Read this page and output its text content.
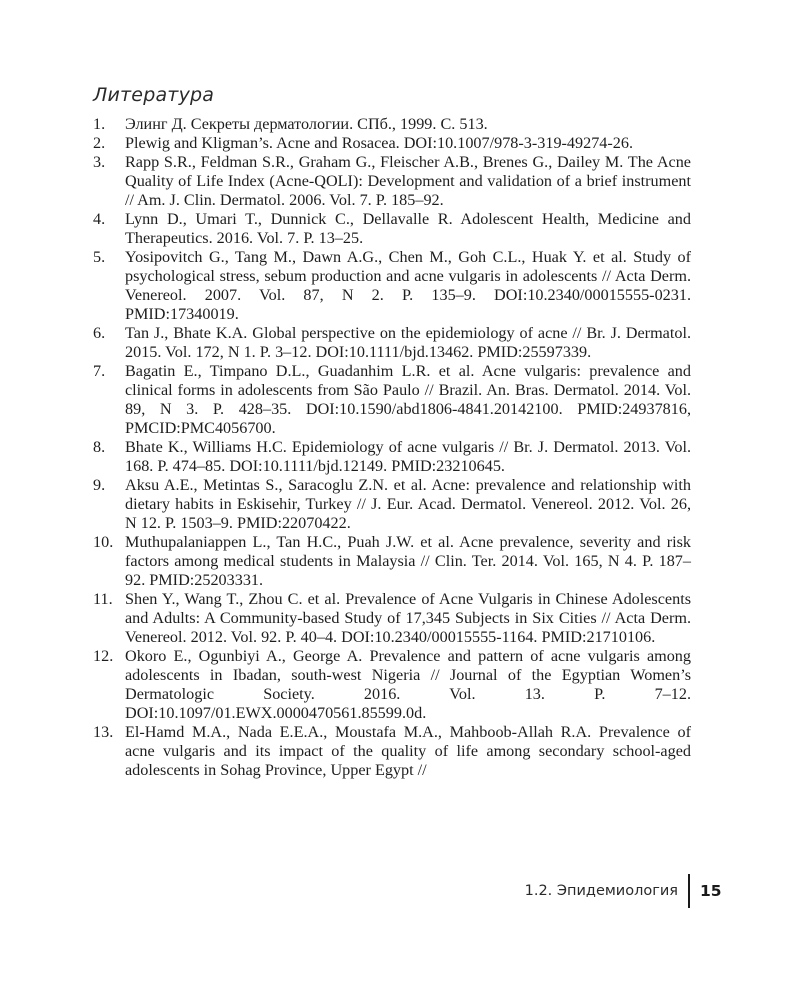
Литература
1.	Элинг Д. Секреты дерматологии. СПб., 1999. С. 513.
2.	Plewig and Kligman’s. Acne and Rosacea. DOI:10.1007/978-3-319-49274-26.
3.	Rapp S.R., Feldman S.R., Graham G., Fleischer A.B., Brenes G., Dailey M. The Acne Quality of Life Index (Acne-QOLI): Development and validation of a brief instrument // Am. J. Clin. Dermatol. 2006. Vol. 7. P. 185–92.
4.	Lynn D., Umari T., Dunnick C., Dellavalle R. Adolescent Health, Medicine and Therapeutics. 2016. Vol. 7. P. 13–25.
5.	Yosipovitch G., Tang M., Dawn A.G., Chen M., Goh C.L., Huak Y. et al. Study of psychological stress, sebum production and acne vulgaris in adolescents // Acta Derm. Venereol. 2007. Vol. 87, N 2. P. 135–9. DOI:10.2340/00015555-0231. PMID:17340019.
6.	Tan J., Bhate K.A. Global perspective on the epidemiology of acne // Br. J. Dermatol. 2015. Vol. 172, N 1. P. 3–12. DOI:10.1111/bjd.13462. PMID:25597339.
7.	Bagatin E., Timpano D.L., Guadanhim L.R. et al. Acne vulgaris: prevalence and clinical forms in adolescents from São Paulo // Brazil. An. Bras. Dermatol. 2014. Vol. 89, N 3. P. 428–35. DOI:10.1590/abd1806-4841.20142100. PMID:24937816, PMCID:PMC4056700.
8.	Bhate K., Williams H.C. Epidemiology of acne vulgaris // Br. J. Dermatol. 2013. Vol. 168. P. 474–85. DOI:10.1111/bjd.12149. PMID:23210645.
9.	Aksu A.E., Metintas S., Saracoglu Z.N. et al. Acne: prevalence and relationship with dietary habits in Eskisehir, Turkey // J. Eur. Acad. Dermatol. Venereol. 2012. Vol. 26, N 12. P. 1503–9. PMID:22070422.
10. Muthupalaniappen L., Tan H.C., Puah J.W. et al. Acne prevalence, severity and risk factors among medical students in Malaysia // Clin. Ter. 2014. Vol. 165, N 4. P. 187–92. PMID:25203331.
11. Shen Y., Wang T., Zhou C. et al. Prevalence of Acne Vulgaris in Chinese Adolescents and Adults: A Community-based Study of 17,345 Subjects in Six Cities // Acta Derm. Venereol. 2012. Vol. 92. P. 40–4. DOI:10.2340/00015555-1164. PMID:21710106.
12. Okoro E., Ogunbiyi A., George A. Prevalence and pattern of acne vulgaris among adolescents in Ibadan, south-west Nigeria // Journal of the Egyptian Women’s Dermatologic Society. 2016. Vol. 13. P. 7–12. DOI:10.1097/01.EWX.0000470561.85599.0d.
13. El-Hamd M.A., Nada E.E.A., Moustafa M.A., Mahboob-Allah R.A. Prevalence of acne vulgaris and its impact of the quality of life among secondary school-aged adolescents in Sohag Province, Upper Egypt //
1.2. Эпидемиология 15
